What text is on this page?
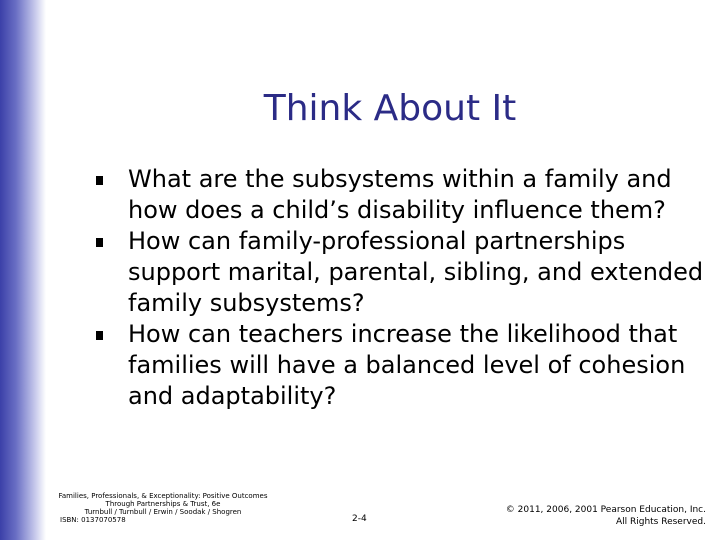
Think About It
What are the subsystems within a family and how does a child’s disability influence them?
How can family-professional partnerships support marital, parental, sibling, and extended family subsystems?
How can teachers increase the likelihood that families will have a balanced level of cohesion and adaptability?
Families, Professionals, & Exceptionality: Positive Outcomes
Through Partnerships & Trust, 6e
Turnbull / Turnbull / Erwin / Soodak / Shogren
ISBN: 0137070578	2-4
© 2011, 2006, 2001 Pearson Education, Inc.
All Rights Reserved.
